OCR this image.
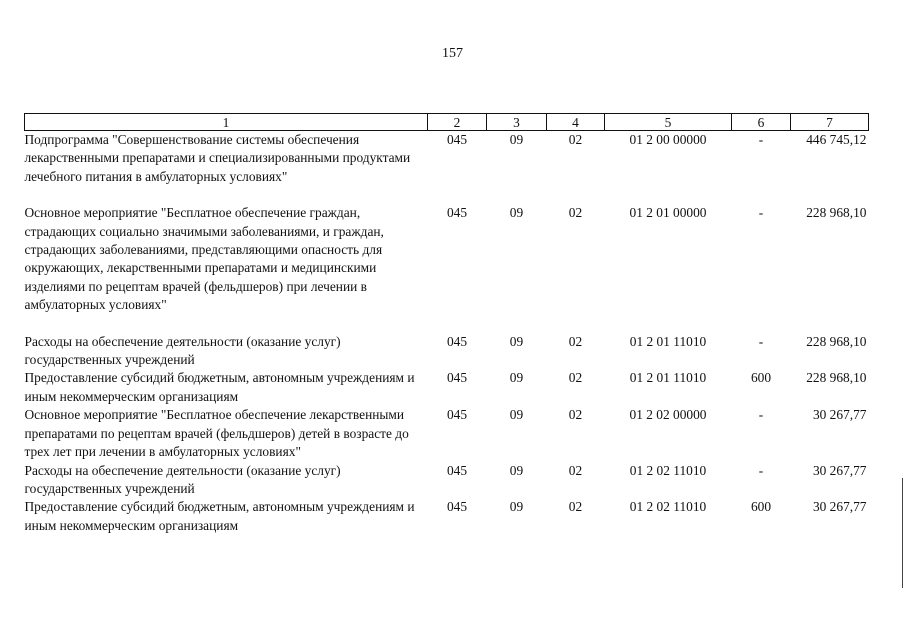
157
1	2	3	4	5	6	7
Подпрограмма "Совершенствование системы обеспечения лекарственными препаратами и специализированными продуктами лечебного питания в амбулаторных условиях"	045	09	02	01 2 00 00000	-	446 745,12
Основное мероприятие "Бесплатное обеспечение граждан, страдающих социально значимыми заболеваниями, и граждан, страдающих заболеваниями, представляющими опасность для окружающих, лекарственными препаратами и медицинскими изделиями по рецептам врачей (фельдшеров) при лечении в амбулаторных условиях"	045	09	02	01 2 01 00000	-	228 968,10
Расходы на обеспечение деятельности (оказание услуг) государственных учреждений	045	09	02	01 2 01 11010	-	228 968,10
Предоставление субсидий бюджетным, автономным учреждениям и иным некоммерческим организациям	045	09	02	01 2 01 11010	600	228 968,10
Основное мероприятие "Бесплатное обеспечение лекарственными препаратами по рецептам врачей (фельдшеров) детей в возрасте до трех лет при лечении в амбулаторных условиях"	045	09	02	01 2 02 00000	-	30 267,77
Расходы на обеспечение деятельности (оказание услуг) государственных учреждений	045	09	02	01 2 02 11010	-	30 267,77
Предоставление субсидий бюджетным, автономным учреждениям и иным некоммерческим организациям	045	09	02	01 2 02 11010	600	30 267,77
